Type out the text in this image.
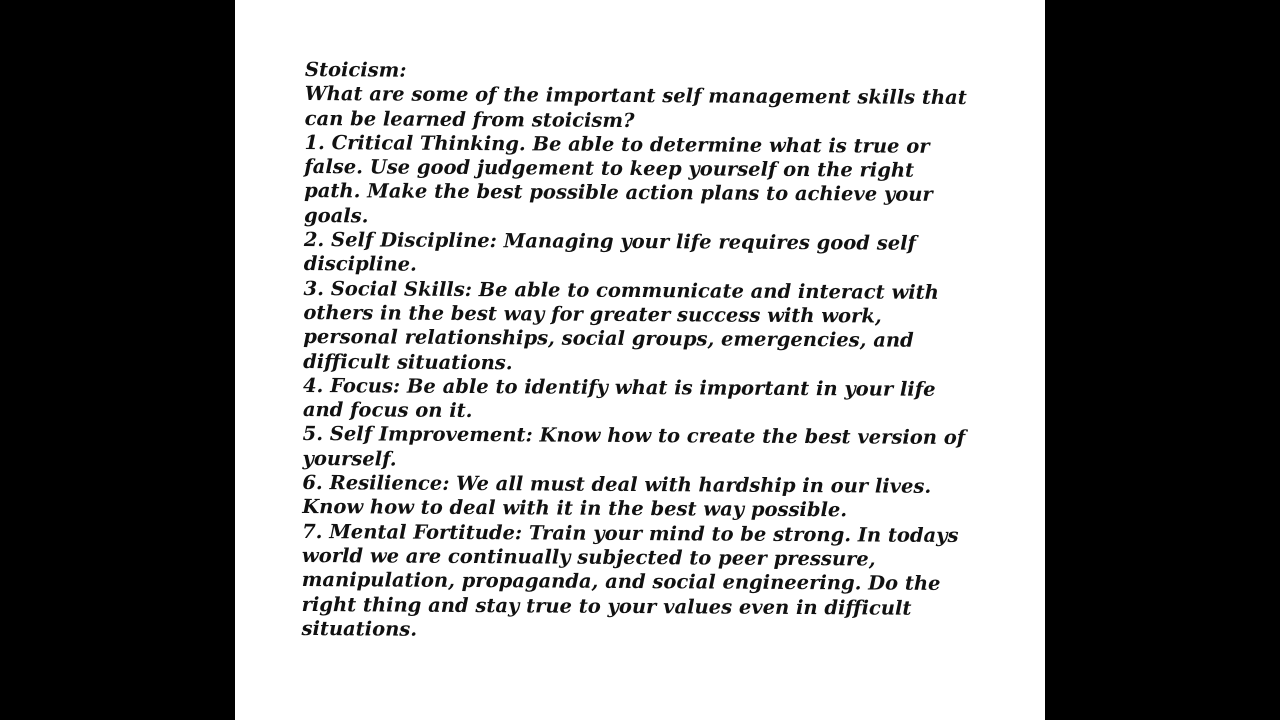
Stoicism:
What are some of the important self management skills that
can be learned from stoicism?
1. Critical Thinking. Be able to determine what is true or
false. Use good judgement to keep yourself on the right
path. Make the best possible action plans to achieve your
goals.
2. Self Discipline: Managing your life requires good self
discipline.
3. Social Skills: Be able to communicate and interact with
others in the best way for greater success with work,
personal relationships, social groups, emergencies, and
difficult situations.
4. Focus: Be able to identify what is important in your life
and focus on it.
5. Self Improvement: Know how to create the best version of
yourself.
6. Resilience: We all must deal with hardship in our lives.
Know how to deal with it in the best way possible.
7. Mental Fortitude: Train your mind to be strong. In todays
world we are continually subjected to peer pressure,
manipulation, propaganda, and social engineering. Do the
right thing and stay true to your values even in difficult
situations.
